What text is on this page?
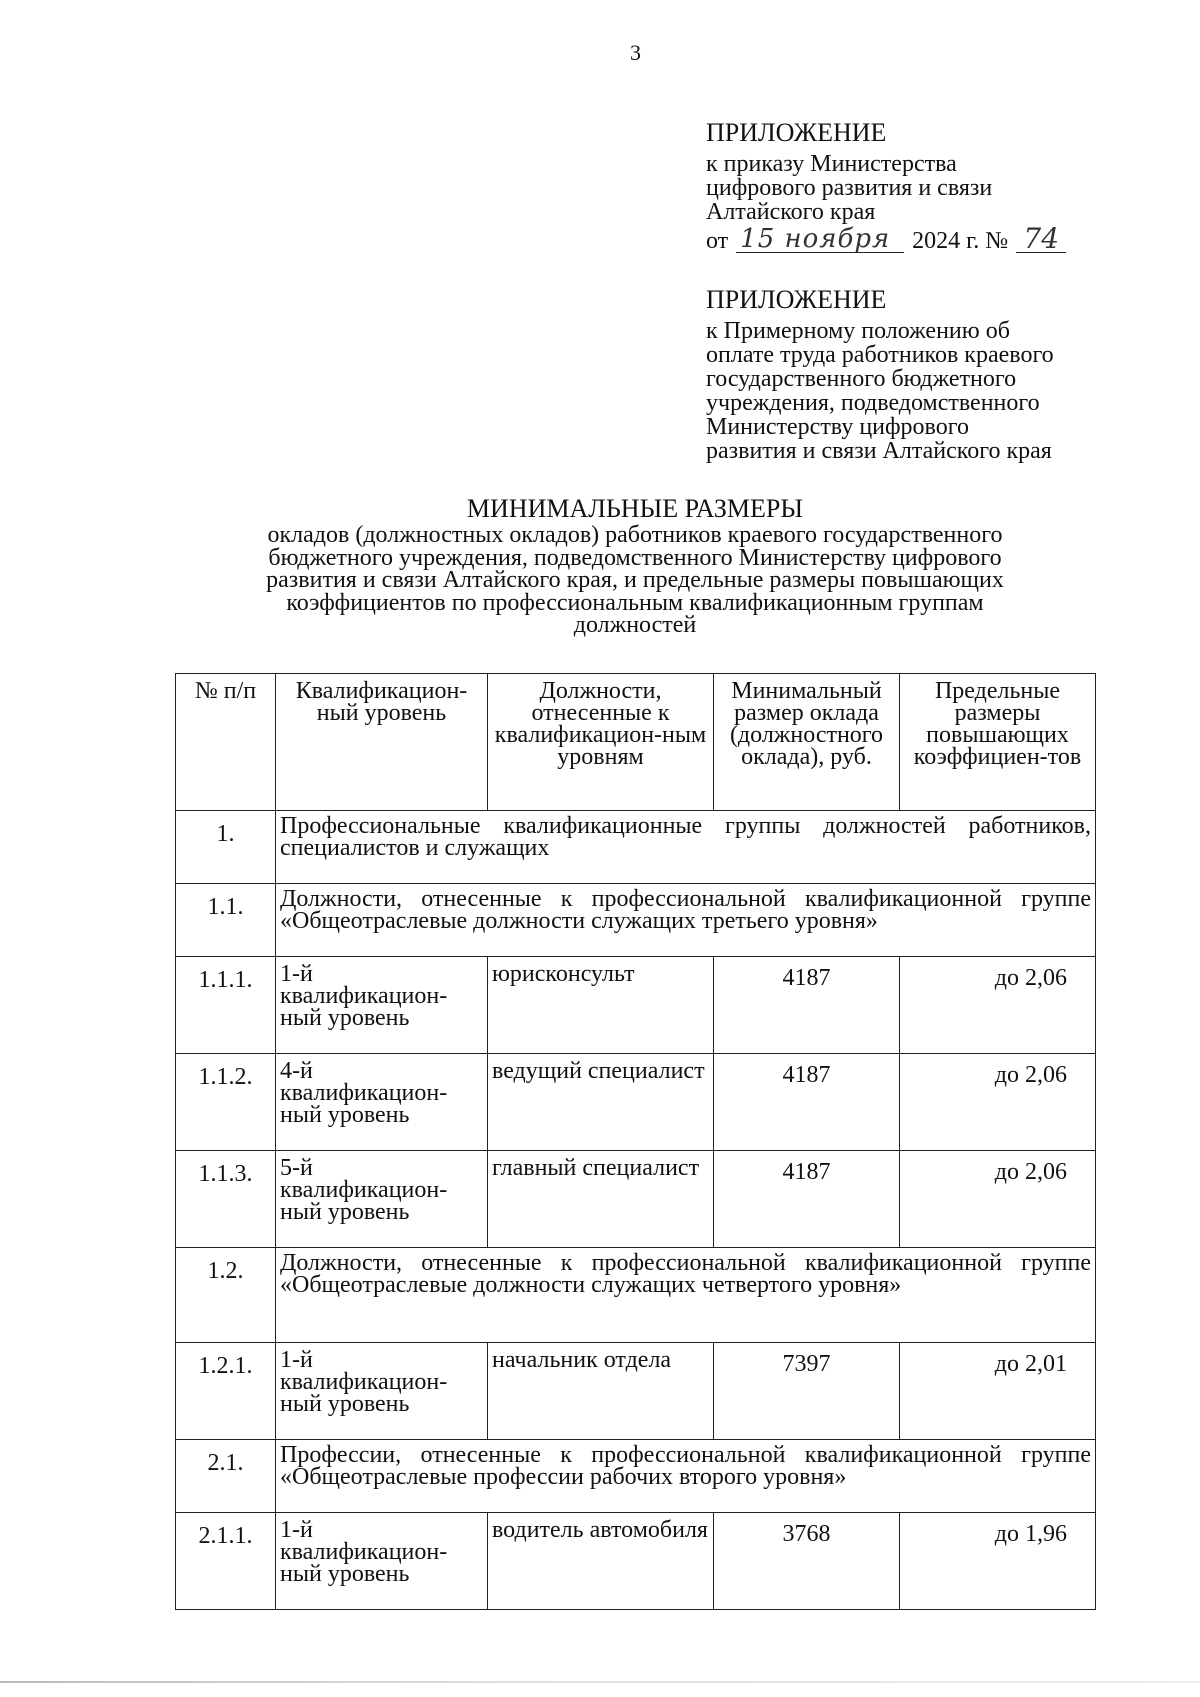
3
ПРИЛОЖЕНИЕ
к приказу Министерства
цифрового развития и связи
Алтайского края
от 15 ноября 2024 г. № 74
ПРИЛОЖЕНИЕ
к Примерному положению об
оплате труда работников краевого
государственного бюджетного
учреждения, подведомственного
Министерству цифрового
развития и связи Алтайского края
МИНИМАЛЬНЫЕ РАЗМЕРЫ
окладов (должностных окладов) работников краевого государственного
бюджетного учреждения, подведомственного Министерству цифрового
развития и связи Алтайского края, и предельные размеры повышающих
коэффициентов по профессиональным квалификационным группам
должностей
№ п/п	Квалификацион-ный уровень	Должности, отнесенные к квалификацион-ным уровням	Минимальный размер оклада (должностного оклада), руб.	Предельные размеры повышающих коэффициен-тов
1.	Профессиональные квалификационные группы должностей работников, специалистов и служащих			
1.1.	Должности, отнесенные к профессиональной квалификационной группе «Общеотраслевые должности служащих третьего уровня»			
1.1.1.	1-й квалификацион-ный уровень	юрисконсульт	4187	до 2,06
1.1.2.	4-й квалификацион-ный уровень	ведущий специалист	4187	до 2,06
1.1.3.	5-й квалификацион-ный уровень	главный специалист	4187	до 2,06
1.2.	Должности, отнесенные к профессиональной квалификационной группе «Общеотраслевые должности служащих четвертого уровня»			
1.2.1.	1-й квалификацион-ный уровень	начальник отдела	7397	до 2,01
2.1.	Профессии, отнесенные к профессиональной квалификационной группе «Общеотраслевые профессии рабочих второго уровня»			
2.1.1.	1-й квалификацион-ный уровень	водитель автомобиля	3768	до 1,96
